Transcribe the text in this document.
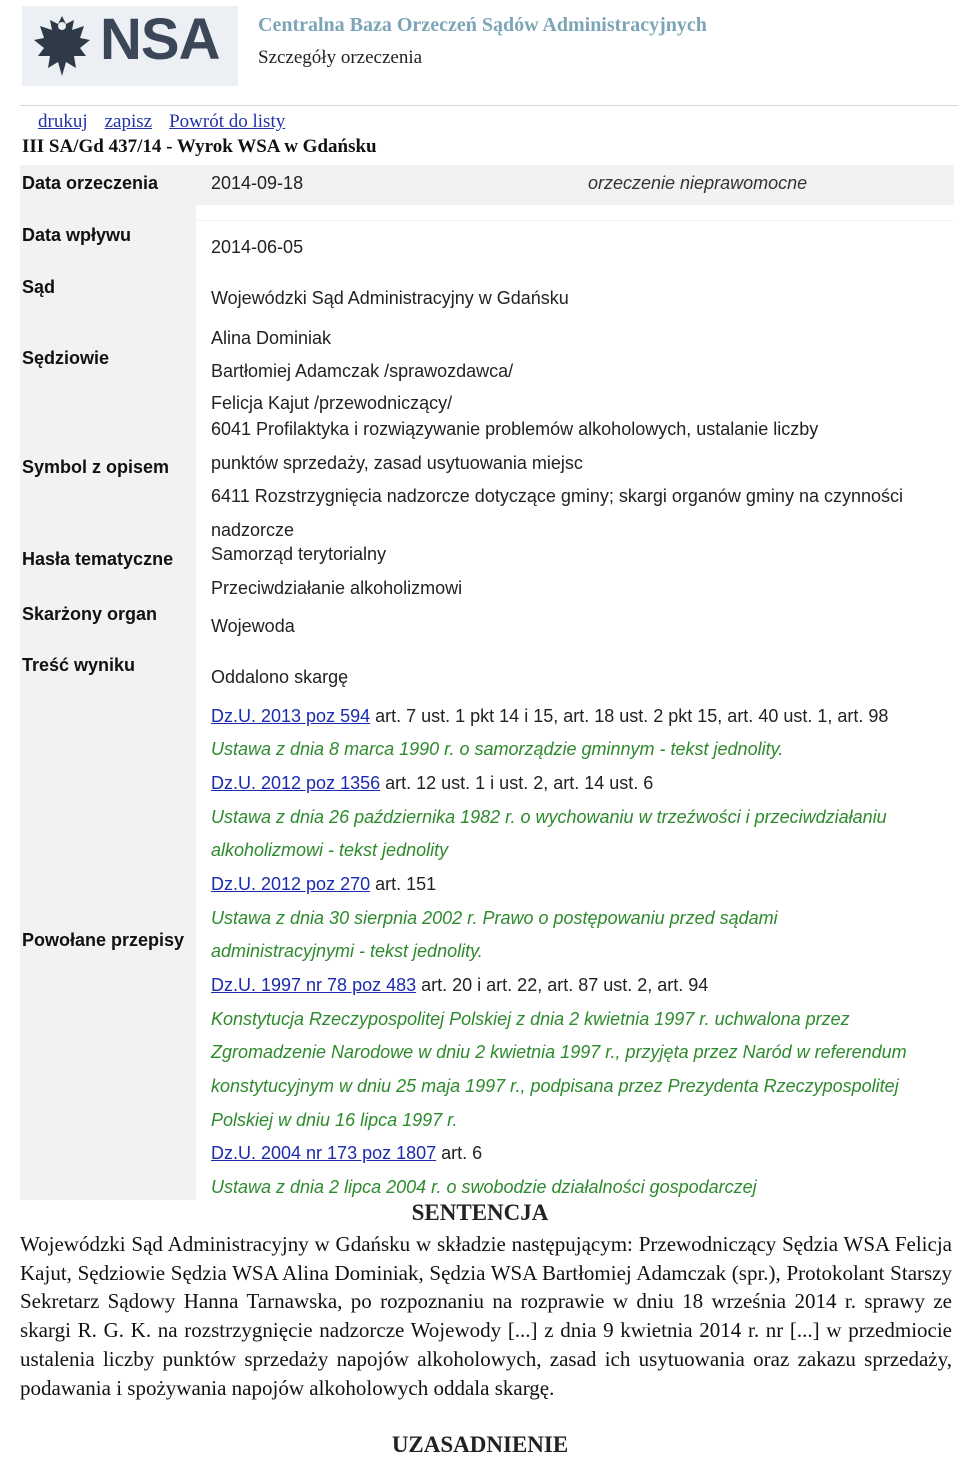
NSA Centralna Baza Orzeczeń Sądów Administracyjnych
Szczegóły orzeczenia
drukuj zapisz Powrót do listy
III SA/Gd 437/14 - Wyrok WSA w Gdańsku
Data orzeczenia	2014-09-18	orzeczenie nieprawomocne
Data wpływu
2014-06-05
Sąd
Wojewódzki Sąd Administracyjny w Gdańsku
Sędziowie
Alina Dominiak
Bartłomiej Adamczak /sprawozdawca/
Felicja Kajut /przewodniczący/
Symbol z opisem
6041 Profilaktyka i rozwiązywanie problemów alkoholowych, ustalanie liczby
punktów sprzedaży, zasad usytuowania miejsc
6411 Rozstrzygnięcia nadzorcze dotyczące gminy; skargi organów gminy na czynności
nadzorcze
Hasła tematyczne Samorząd terytorialny
Przeciwdziałanie alkoholizmowi
Skarżony organ
Wojewoda
Treść wyniku
Oddalono skargę
Powołane przepisy
Dz.U. 2013 poz 594 art. 7 ust. 1 pkt 14 i 15, art. 18 ust. 2 pkt 15, art. 40 ust. 1, art. 98
Ustawa z dnia 8 marca 1990 r. o samorządzie gminnym - tekst jednolity.
Dz.U. 2012 poz 1356 art. 12 ust. 1 i ust. 2, art. 14 ust. 6
Ustawa z dnia 26 października 1982 r. o wychowaniu w trzeźwości i przeciwdziałaniu
alkoholizmowi - tekst jednolity
Dz.U. 2012 poz 270 art. 151
Ustawa z dnia 30 sierpnia 2002 r. Prawo o postępowaniu przed sądami
administracyjnymi - tekst jednolity.
Dz.U. 1997 nr 78 poz 483 art. 20 i art. 22, art. 87 ust. 2, art. 94
Konstytucja Rzeczypospolitej Polskiej z dnia 2 kwietnia 1997 r. uchwalona przez
Zgromadzenie Narodowe w dniu 2 kwietnia 1997 r., przyjęta przez Naród w referendum
konstytucyjnym w dniu 25 maja 1997 r., podpisana przez Prezydenta Rzeczypospolitej
Polskiej w dniu 16 lipca 1997 r.
Dz.U. 2004 nr 173 poz 1807 art. 6
Ustawa z dnia 2 lipca 2004 r. o swobodzie działalności gospodarczej
SENTENCJA
Wojewódzki Sąd Administracyjny w Gdańsku w składzie następującym: Przewodniczący Sędzia WSA Felicja Kajut, Sędziowie Sędzia WSA Alina Dominiak, Sędzia WSA Bartłomiej Adamczak (spr.), Protokolant Starszy Sekretarz Sądowy Hanna Tarnawska, po rozpoznaniu na rozprawie w dniu 18 września 2014 r. sprawy ze skargi R. G. K. na rozstrzygnięcie nadzorcze Wojewody [...] z dnia 9 kwietnia 2014 r. nr [...] w przedmiocie ustalenia liczby punktów sprzedaży napojów alkoholowych, zasad ich usytuowania oraz zakazu sprzedaży, podawania i spożywania napojów alkoholowych oddala skargę.
UZASADNIENIE
